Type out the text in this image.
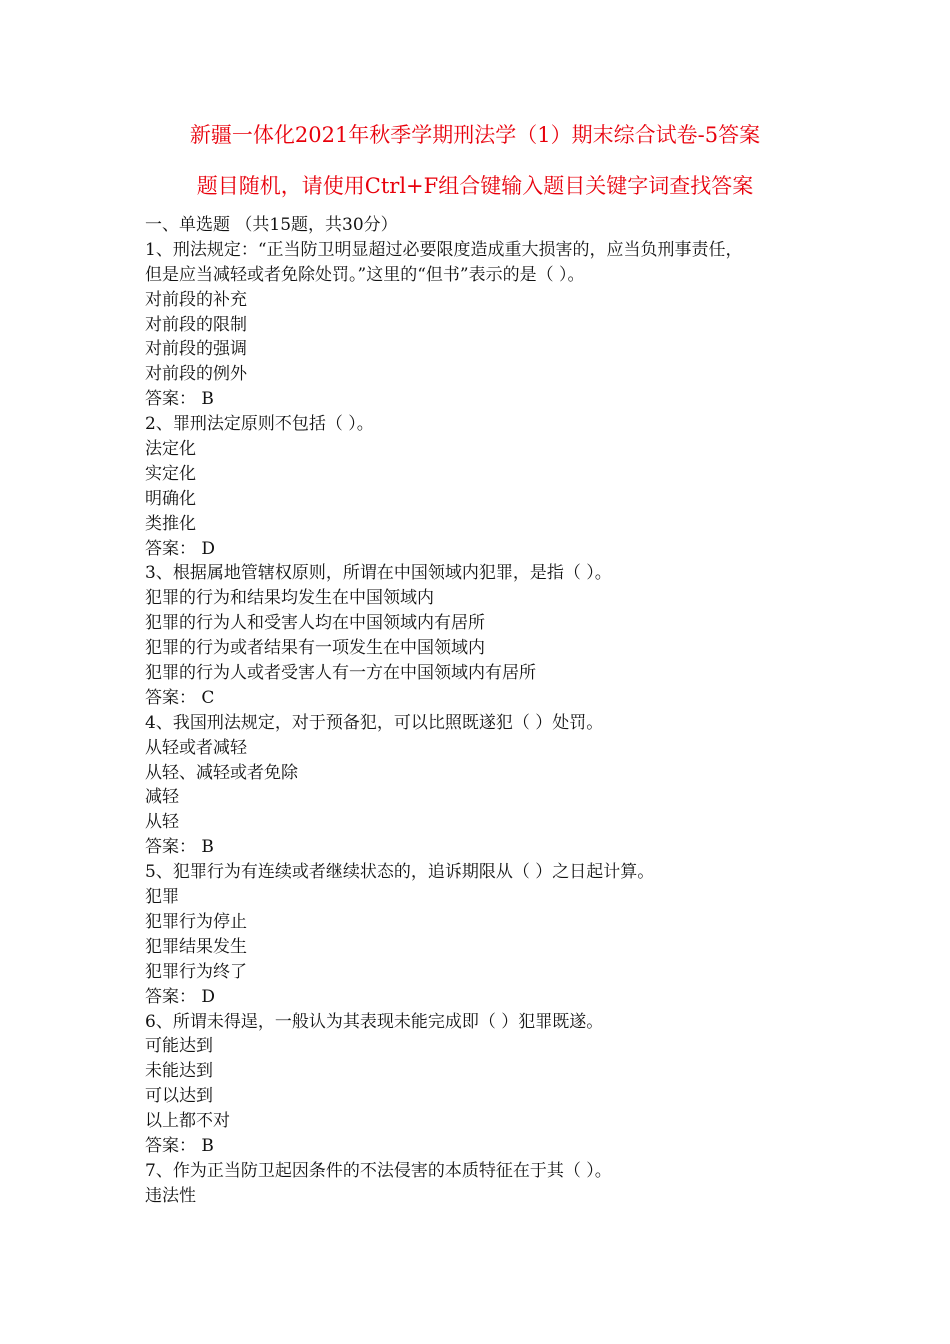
新疆一体化2021年秋季学期刑法学（1）期末综合试卷-5答案
题目随机，请使用Ctrl+F组合键输入题目关键字词查找答案
一、单选题 （共15题，共30分）
1、刑法规定：“正当防卫明显超过必要限度造成重大损害的，应当负刑事责任，
但是应当减轻或者免除处罚。”这里的“但书”表示的是（ ）。
对前段的补充
对前段的限制
对前段的强调
对前段的例外
答案： B
2、罪刑法定原则不包括（ ）。
法定化
实定化
明确化
类推化
答案： D
3、根据属地管辖权原则，所谓在中国领域内犯罪，是指（ ）。
犯罪的行为和结果均发生在中国领域内
犯罪的行为人和受害人均在中国领域内有居所
犯罪的行为或者结果有一项发生在中国领域内
犯罪的行为人或者受害人有一方在中国领域内有居所
答案： C
4、我国刑法规定，对于预备犯，可以比照既遂犯（ ）处罚。
从轻或者减轻
从轻、减轻或者免除
减轻
从轻
答案： B
5、犯罪行为有连续或者继续状态的，追诉期限从（ ）之日起计算。
犯罪
犯罪行为停止
犯罪结果发生
犯罪行为终了
答案： D
6、所谓未得逞，一般认为其表现未能完成即（ ）犯罪既遂。
可能达到
未能达到
可以达到
以上都不对
答案： B
7、作为正当防卫起因条件的不法侵害的本质特征在于其（ ）。
违法性
